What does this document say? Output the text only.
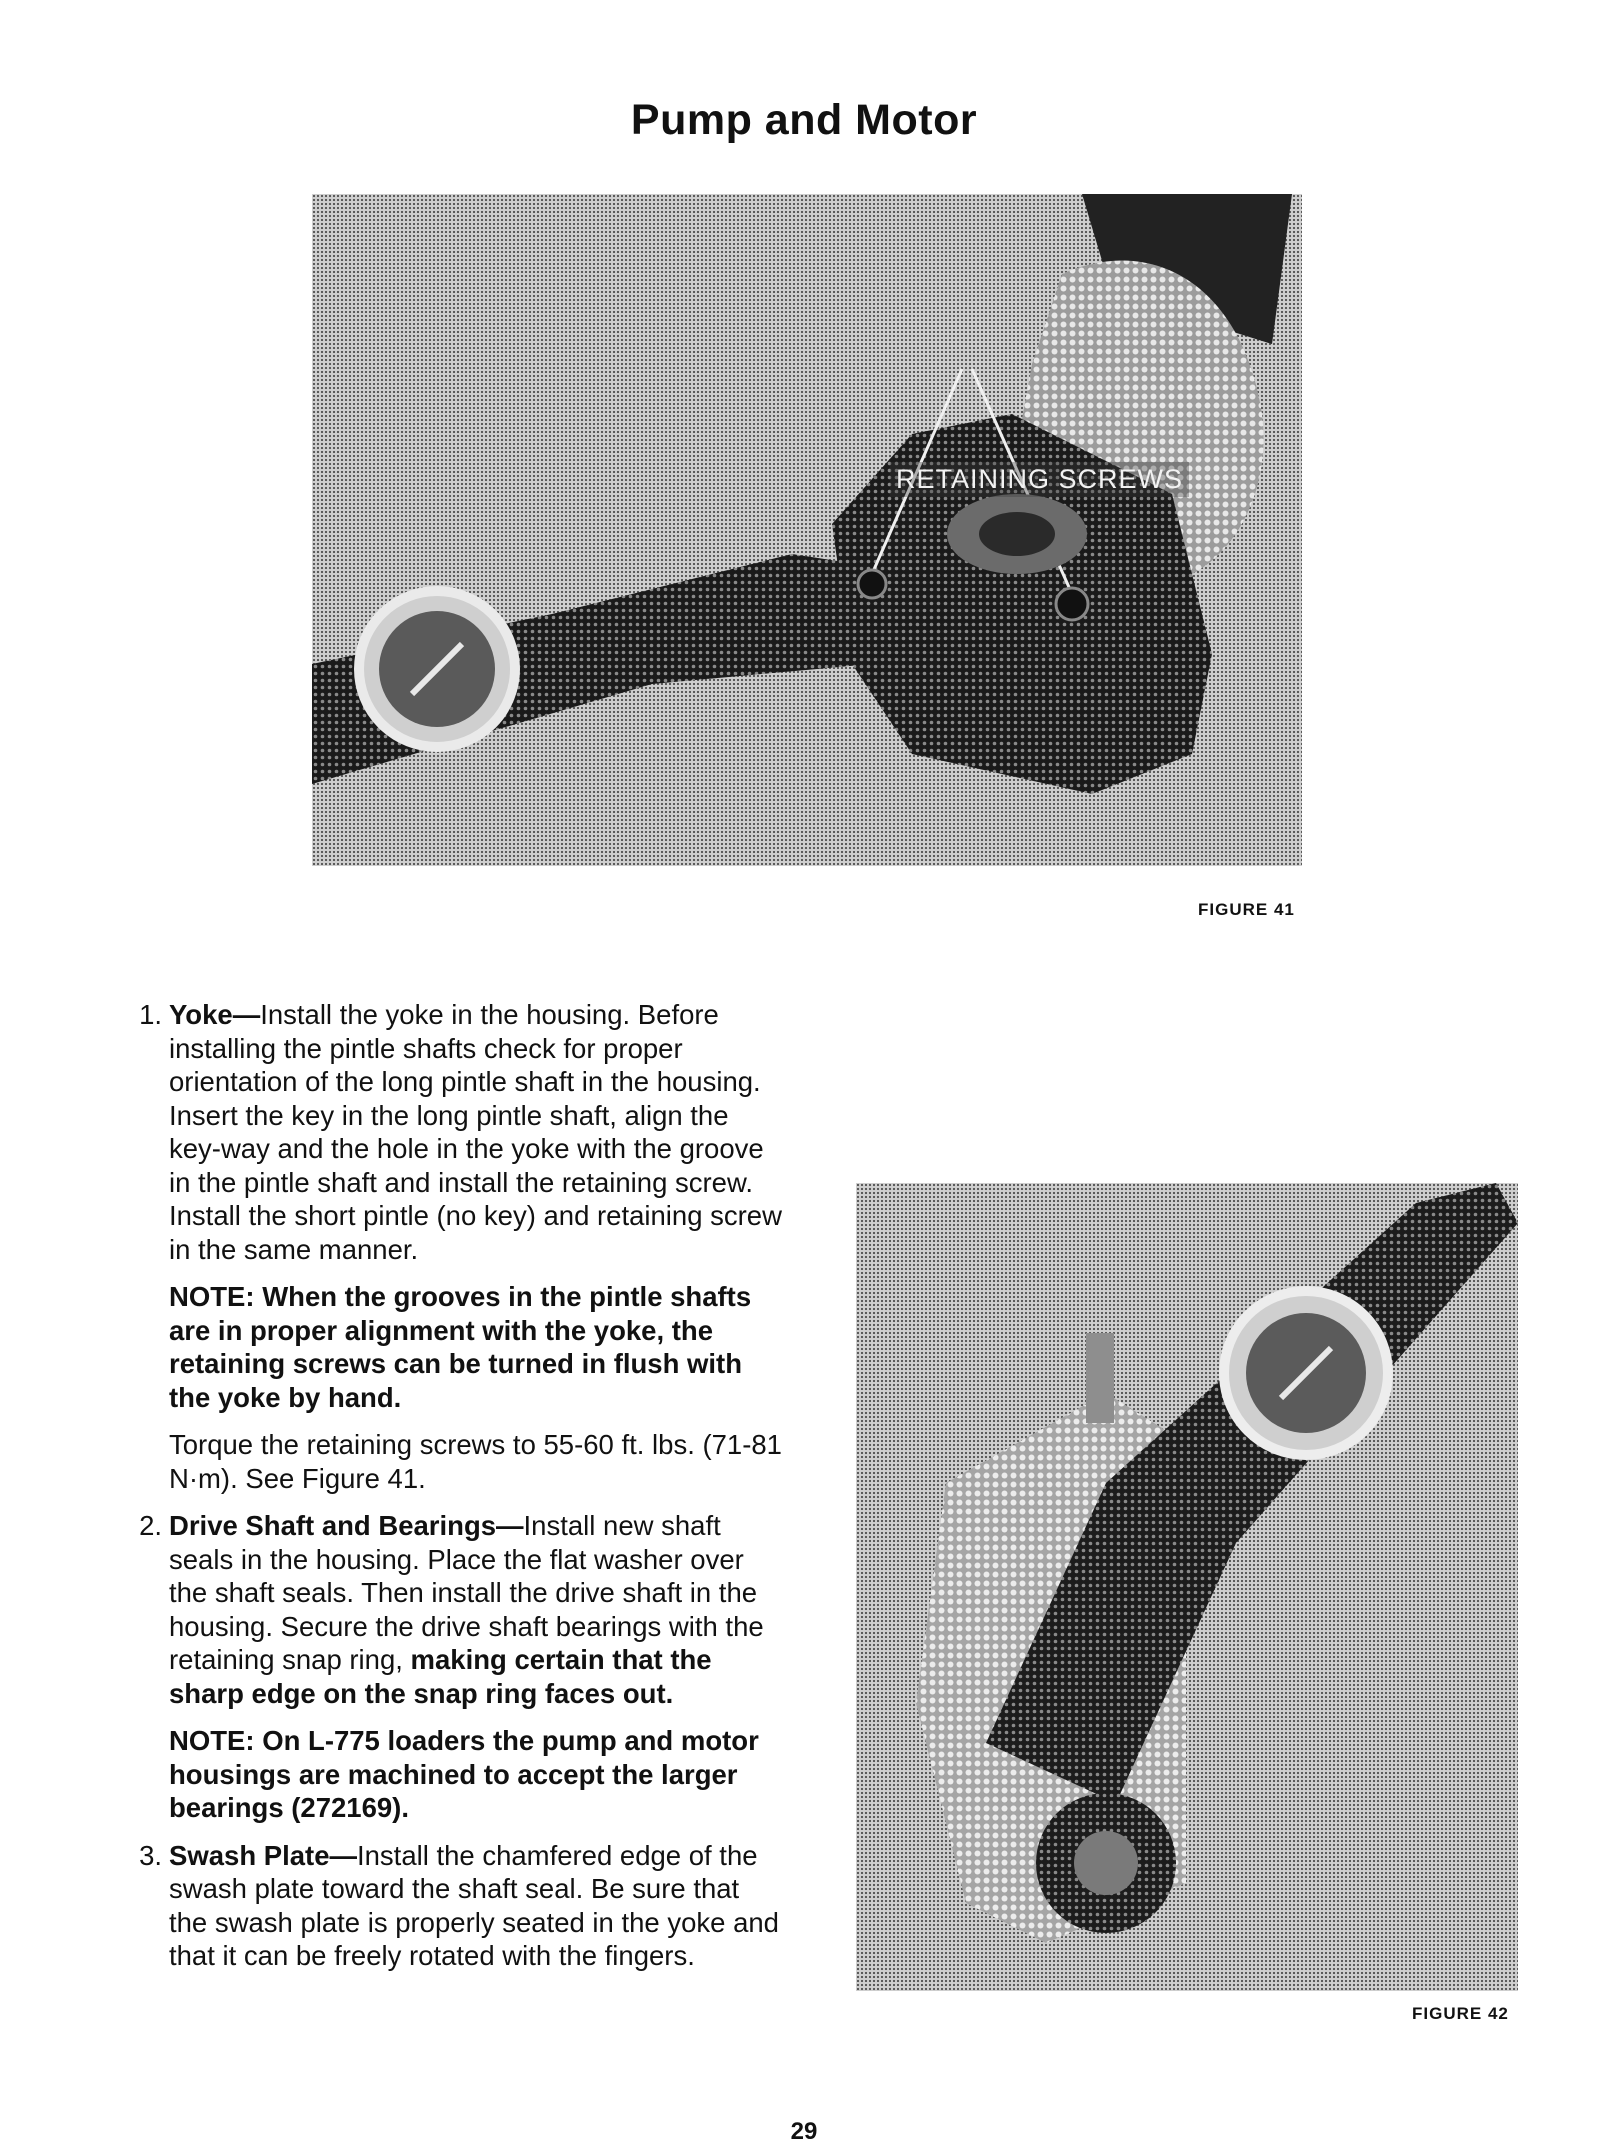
Pump and Motor
RETAINING SCREWS
FIGURE 41
FIGURE 42
1. Yoke—Install the yoke in the housing. Before installing the pintle shafts check for proper orientation of the long pintle shaft in the housing. Insert the key in the long pintle shaft, align the key-way and the hole in the yoke with the groove in the pintle shaft and install the retaining screw. Install the short pintle (no key) and retaining screw in the same manner.

NOTE: When the grooves in the pintle shafts are in proper alignment with the yoke, the retaining screws can be turned in flush with the yoke by hand.

Torque the retaining screws to 55-60 ft. lbs. (71-81 N·m). See Figure 41.

2. Drive Shaft and Bearings—Install new shaft seals in the housing. Place the flat washer over the shaft seals. Then install the drive shaft in the housing. Secure the drive shaft bearings with the retaining snap ring, making certain that the sharp edge on the snap ring faces out.

NOTE: On L-775 loaders the pump and motor housings are machined to accept the larger bearings (272169).

3. Swash Plate—Install the chamfered edge of the swash plate toward the shaft seal. Be sure that the swash plate is properly seated in the yoke and that it can be freely rotated with the fingers.

29
